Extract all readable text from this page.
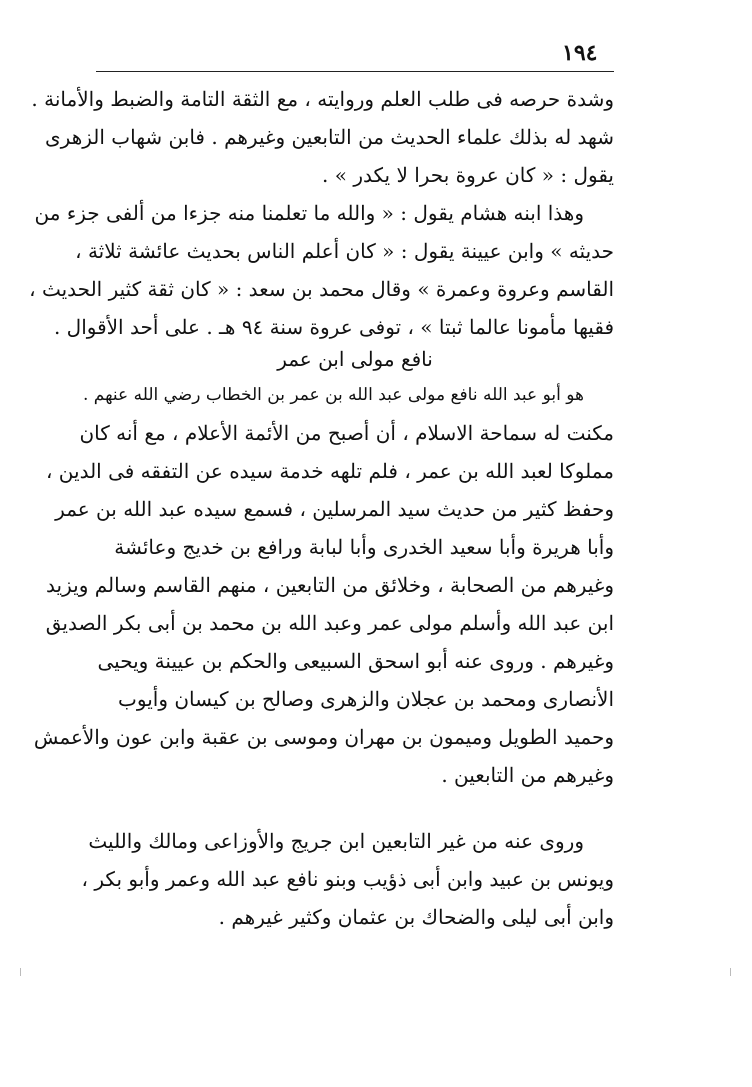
١٩٤
وشدة حرصه فى طلب العلم وروايته ، مع الثقة التامة والضبط والأمانة .
شهد له بذلك علماء الحديث من التابعين وغيرهم . فابن شهاب الزهرى
يقول : « كان عروة بحرا لا يكدر » .
وهذا ابنه هشام يقول : « والله ما تعلمنا منه جزءا من ألفى جزء من
حديثه » وابن عيينة يقول : « كان أعلم الناس بحديث عائشة ثلاثة ،
القاسم وعروة وعمرة » وقال محمد بن سعد : « كان ثقة كثير الحديث ،
فقيها مأمونا عالما ثبتا » ، توفى عروة سنة ٩٤ هـ . على أحد الأقوال .
نافع مولى ابن عمر
هو أبو عبد الله نافع مولى عبد الله بن عمر بن الخطاب رضي الله عنهم .
مكنت له سماحة الاسلام ، أن أصبح من الأئمة الأعلام ، مع أنه كان
مملوكا لعبد الله بن عمر ، فلم تلهه خدمة سيده عن التفقه فى الدين ،
وحفظ كثير من حديث سيد المرسلين ، فسمع سيده عبد الله بن عمر
وأبا هريرة وأبا سعيد الخدرى وأبا لبابة ورافع بن خديج وعائشة
وغيرهم من الصحابة ، وخلائق من التابعين ، منهم القاسم وسالم ويزيد
ابن عبد الله وأسلم مولى عمر وعبد الله بن محمد بن أبى بكر الصديق
وغيرهم . وروى عنه أبو اسحق السبيعى والحكم بن عيينة ويحيى
الأنصارى ومحمد بن عجلان والزهرى وصالح بن كيسان وأيوب
وحميد الطويل وميمون بن مهران وموسى بن عقبة وابن عون والأعمش
وغيرهم من التابعين .
وروى عنه من غير التابعين ابن جريج والأوزاعى ومالك والليث
ويونس بن عبيد وابن أبى ذؤيب وبنو نافع عبد الله وعمر وأبو بكر ،
وابن أبى ليلى والضحاك بن عثمان وكثير غيرهم .
